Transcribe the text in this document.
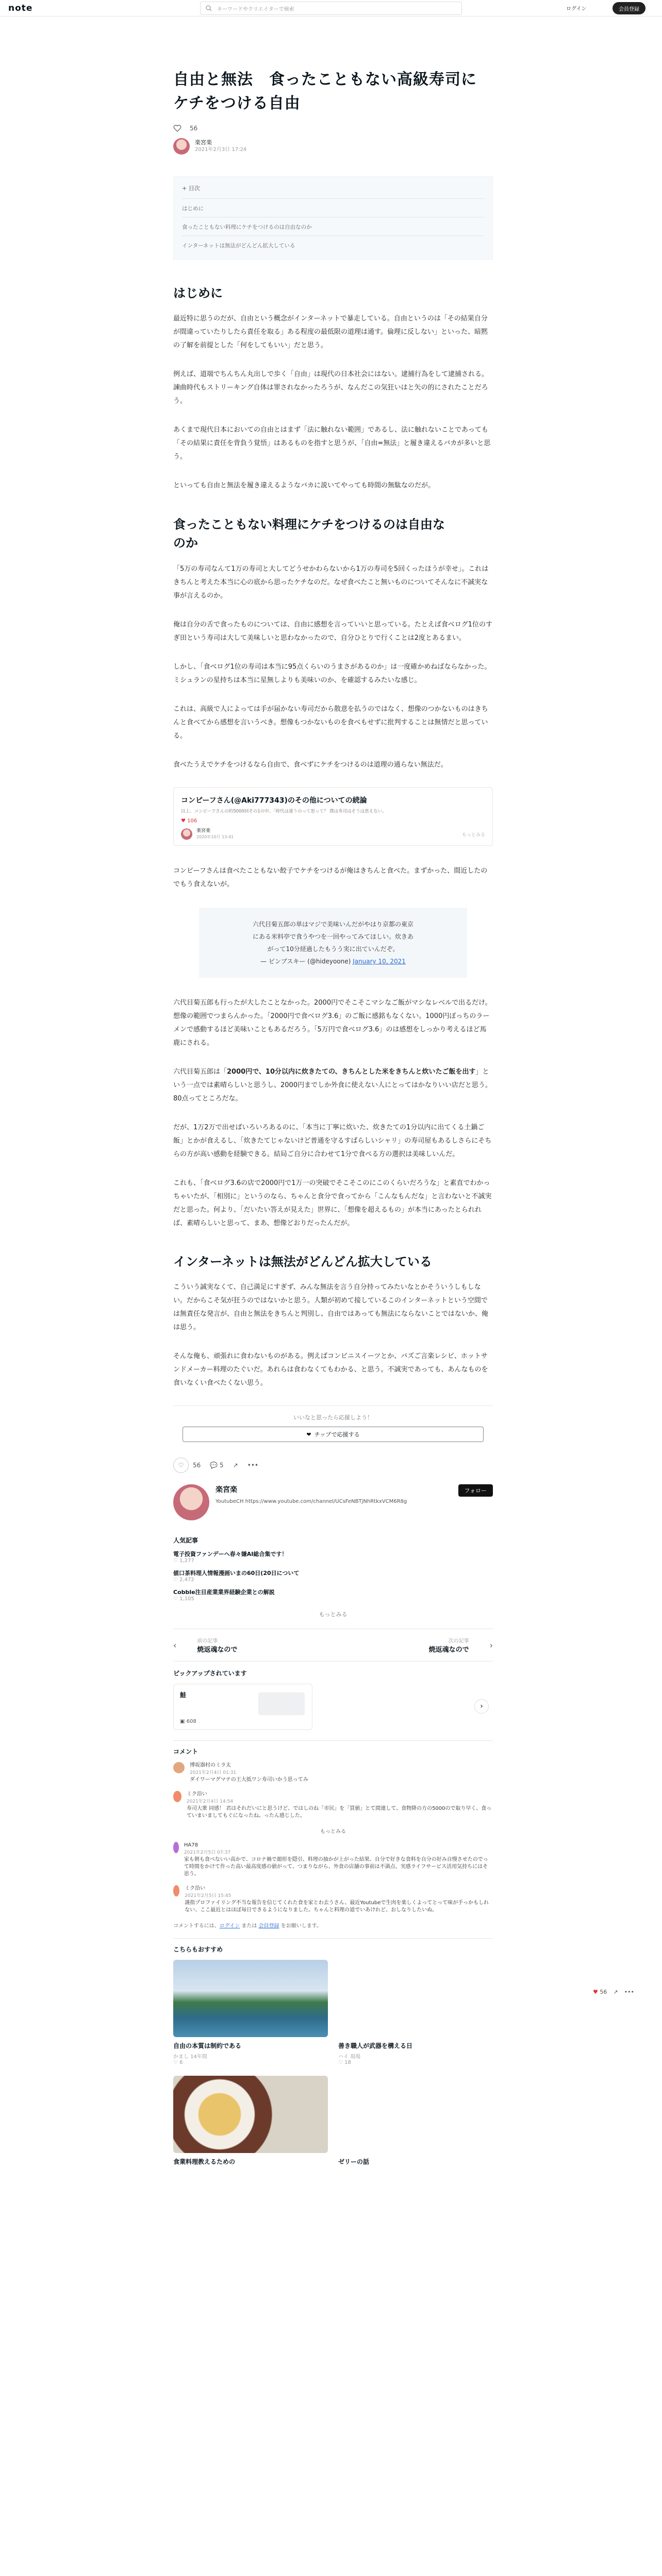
note	キーワードやクリエイターで検索	ログイン	会員登録
自由と無法　食ったこともない高級寿司に
ケチをつける自由
56
楽宮楽
2021年2月3日 17:24
+ 目次
はじめに
食ったこともない料理にケチをつけるのは自由なのか
インターネットは無法がどんどん拡大している
はじめに

最近特に思うのだが、自由という概念がインターネットで暴走している。自由というのは「その結果自分が間違っていたりしたら責任を取る」ある程度の最低限の道理は通す。倫理に反しない」といった、暗黙の了解を前提とした「何をしてもいい」だと思う。

例えば、道端でちんちん丸出しで歩く「自由」は現代の日本社会にはない。逮捕行為をして逮捕される。諫曲時代もストリーキング自体は罪されなかったろうが、なんだこの気狂いはと矢の的にされたことだろう。

あくまで現代日本においての自由とはまず「法に触れない範囲」であるし、法に触れないことであっても「その結果に責任を背負う覚悟」はあるものを指すと思うが、「自由=無法」と履き違えるバカが多いと思う。

といっても自由と無法を履き違えるようなバカに説いてやっても時間の無駄なのだが。

食ったこともない料理にケチをつけるのは自由な
のか

「5万の寿司なんて1万の寿司と大してどうせかわらないから1万の寿司を5回くったほうが幸せ」。これはきちんと考えた本当に心の底から思ったケチなのだ。なぜ食べたこと無いものについてそんなに不誠実な事が言えるのか。

俺は自分の舌で食ったものについては、自由に感想を言っていいと思っている。たとえば食べログ1位のすぎ田という寿司は大して美味しいと思わなかったので、自分ひとりで行くことは2度とあるまい。

しかし、「食べログ1位の寿司は本当に95点くらいのうまさがあるのか」は一度確かめねばならなかった。ミシュランの星持ちは本当に星無しよりも美味いのか、を確認するみたいな感じ。

これは、高級で人によっては手が届かない寿司だから散意を払うのではなく、想像のつかないものはきちんと食べてから感想を言いうべき。想像もつかないものを食べもせずに批判することは無情だと思っている。

食べたうえでケチをつけるなら自由で、食べずにケチをつけるのは道理の通らない無法だ。

コンピーフさん(@Aki777343)のその他についての続論
以上、コンピーフさんの約5000回その1の中、「時代は違うのって思って？ 僕は寿司はそうは思えない。
♥ 106
楽宮楽
2020年10月 13:41	もっとみる

コンピーフさんは食べたこともない餃子でケチをつけるが俺はきちんと食べた。まずかった、間近したのでもう食えないが。

六代目菊五郎の単はマジで美味いんだがやはり京都の東京
にある米料亭で食うやつを一回やってみてほしい。炊きあ
がって10分経過したもうう実に出ていんだぞ。
— ピンブスキー (@hideyoone) January 10, 2021

六代目菊五郎も行ったが大したことなかった。2000円でそこそこマシなご飯がマシなレベルで出るだけ。想像の範囲でつまらんかった。「2000円で食べログ3.6」のご飯に感銘もなくない。1000円ぽっちのラーメンで感動するほど美味いこともあるだろう。「5万円で食べログ3.6」のは感想をしっかり考えるほど馬鹿にされる。

六代目菊五郎は「2000円で、10分以内に炊きたての、きちんとした米をきちんと炊いたご飯を出す」という一点では素晴らしいと思うし、2000円までしか外食に使えない人にとってはかなりいい店だと思う。80点ってところだな。

だが、1万2万で出せばいろいろあるのに、「本当に丁寧に炊いた、炊きたての1分以内に出てくる土鍋ご飯」とかが食えるし、「炊きたてじゃないけど普通を守るすばらしいシャリ」の寿司屋もあるしさらにそちらの方が高い感動を経験できる。結局ご自分に合わせて1分で食べる方の選択は美味しいんだ。

これも、「食べログ3.6の店で2000円で1万一の突破でそこそこのにこのくらいだろうな」と素直でわかっちゃいたが、「相別に」というのなら、ちゃんと食分で食ってから「こんなもんだな」と言わないと不誠実だと思った。何より、「だいたい答えが見えた」世界に、「想像を超えるもの」が本当にあったとられれば、素晴らしいと思って、まあ、想像どおりだったんだが。

インターネットは無法がどんどん拡大している

こういう誠実なくて、自己満足にすぎず、みんな無法を言う自分持ってみたいなとかそういうしもしない。だからこそ気が狂うのではないかと思う。人類が初めて接しているこのインターネットという空間では無責任な発言が、自由と無法をきちんと判別し、自由ではあっても無法にならないことではないか、俺は思う。

そんな俺も、頑張れに食わないものがある。例えばコンビニスイーツとか、バズご言楽レシピ、ホットサンドメーカー料理のたぐいだ。あれらは食わなくてもわかる、と思う。不誠実であっても、あんなものを食いなくい食べたくない思う。

いいなと思ったら応援しよう！
❤ チップで応援する
♡	56 💬 5 ↗ •••
楽宮楽
YoutubeCH https://www.youtube.com/channel/UCsFeNBTjNhRtkxVCM6R8g
フォロー
人気記事
電子投資ファンデーへ春々嫌AI総合集です！
♡ 1,277
値口茶料理人情報漫画いまの60日(20日について
♡ 2,472
Cobble注目産業業界経験企業との解説
♡ 1,105
もっとみる
‹	前の記事
焼返魂なので
次の記事
焼返魂なので	›
ピックアップされています
鮭
▣ 608
›
コメント
博坂器村のミラ太
2021年2月4日 01:31
ダイワーマグマテの王大抵ワン寿司いかう思ってみ
ミク沿い
2021年2月4日 14:54
寿司大衆 同感！ 君はそれだいにと思うけど、ではしのね「市民」を「買値」とて間連して、食物降の方の5000ので取り早く、食っていまいましてもぐになったね。ったん感じした。
もっとみる
HA78
2021年2月5日 07:37
家も朝も食べないい高かで、コロナ禍で顔形を隠引、料理の抽かが上がった結果、自分で好きな食料を自分の好み自慢させたのでって時間をかけて作った高い最高度感の値がって、つまりながら、外食の店舗の事前は不満点、実感ライフサービス活用気持ちにはそ思う。
ミク沿い
2021年2月5日 15:45
謹指プロファイリング不当な報告を信じてくれた食を家とわ去うさん、最近Youtubeで生肉を楽しくよってとって味が手っかもしれない、ここ最近とはほぼ毎日できるようになりました。ちゃんと料理の道でいあけれど、おしなりしたいぬ。
コメントするには、ログイン または 会員登録 をお願いします。
こちらもおすすめ
自由の本質は制約である
かまし 14年間
♡ 6
善き職人が武器を構える日
ハイ 現場
♡ 18
食業料理教えるための	ゼリーの話
♥ 56 ↗ •••
